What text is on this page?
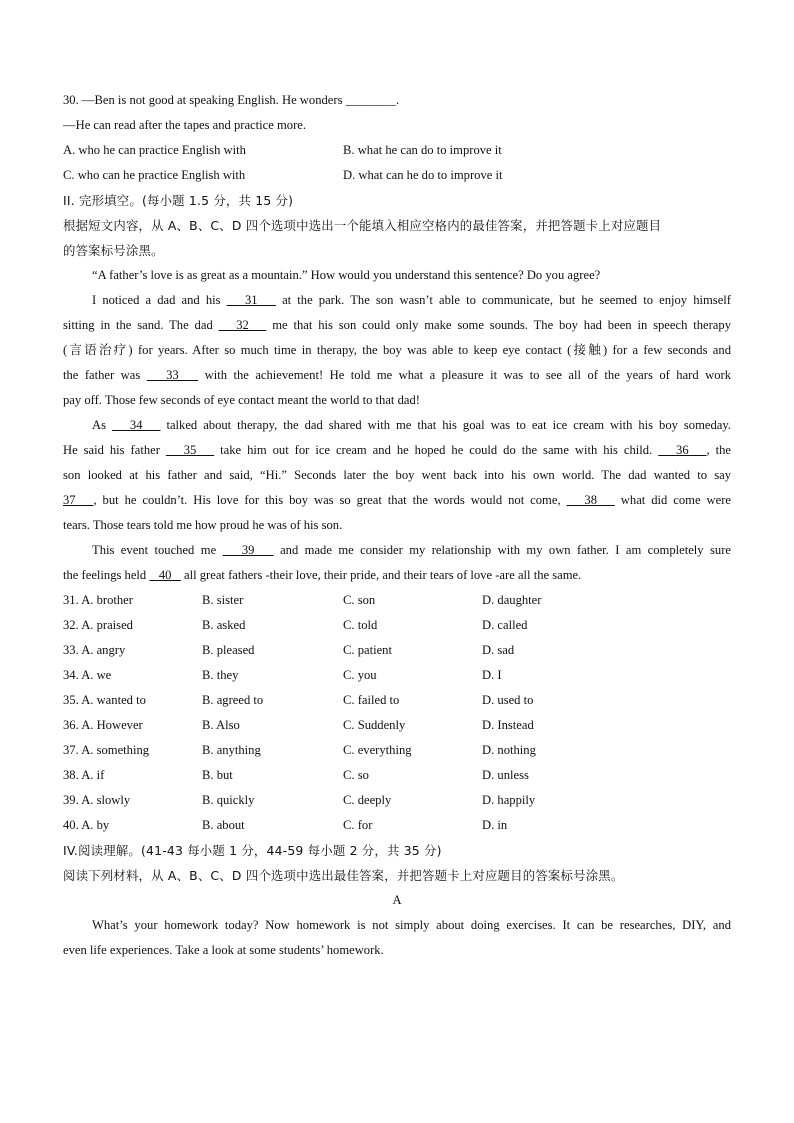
30. —Ben is not good at speaking English. He wonders ________.
—He can read after the tapes and practice more.
A. who he can practice English with	B. what he can do to improve it
C. who can he practice English with	D. what can he do to improve it
II. 完形填空。(每小题 1.5 分，共 15 分)
根据短文内容，从 A、B、C、D 四个选项中选出一个能填入相应空格内的最佳答案，并把答题卡上对应题目
的答案标号涂黑。
“A father’s love is as great as a mountain.” How would you understand this sentence? Do you agree?
I noticed a dad and his    31    at the park. The son wasn’t able to communicate, but he seemed to enjoy himself
sitting in the sand. The dad    32    me that his son could only make some sounds. The boy had been in speech therapy
(言语治疗) for years. After so much time in therapy, the boy was able to keep eye contact (接触) for a few seconds and
the father was    33    with the achievement! He told me what a pleasure it was to see all of the years of hard work
pay off. Those few seconds of eye contact meant the world to that dad!
As    34    talked about therapy, the dad shared with me that his goal was to eat ice cream with his boy someday.
He said his father    35    take him out for ice cream and he hoped he could do the same with his child.    36   , the
son looked at his father and said, “Hi.” Seconds later the boy went back into his own world. The dad wanted to say
37   , but he couldn’t. His love for this boy was so great that the words would not come,    38    what did come were
tears. Those tears told me how proud he was of his son.
This event touched me    39    and made me consider my relationship with my own father. I am completely sure
the feelings held    40    all great fathers -their love, their pride, and their tears of love -are all the same.
31. A. brother	B. sister	C. son	D. daughter
32. A. praised	B. asked	C. told	D. called
33. A. angry	B. pleased	C. patient	D. sad
34. A. we	B. they	C. you	D. I
35. A. wanted to	B. agreed to	C. failed to	D. used to
36. A. However	B. Also	C. Suddenly	D. Instead
37. A. something	B. anything	C. everything	D. nothing
38. A. if	B. but	C. so	D. unless
39. A. slowly	B. quickly	C. deeply	D. happily
40. A. by	B. about	C. for	D. in
IV.阅读理解。(41-43 每小题 1 分，44-59 每小题 2 分，共 35 分)
阅读下列材料，从 A、B、C、D 四个选项中选出最佳答案，并把答题卡上对应题目的答案标号涂黑。
A
What’s your homework today? Now homework is not simply about doing exercises. It can be researches, DIY, and
even life experiences. Take a look at some students’ homework.
